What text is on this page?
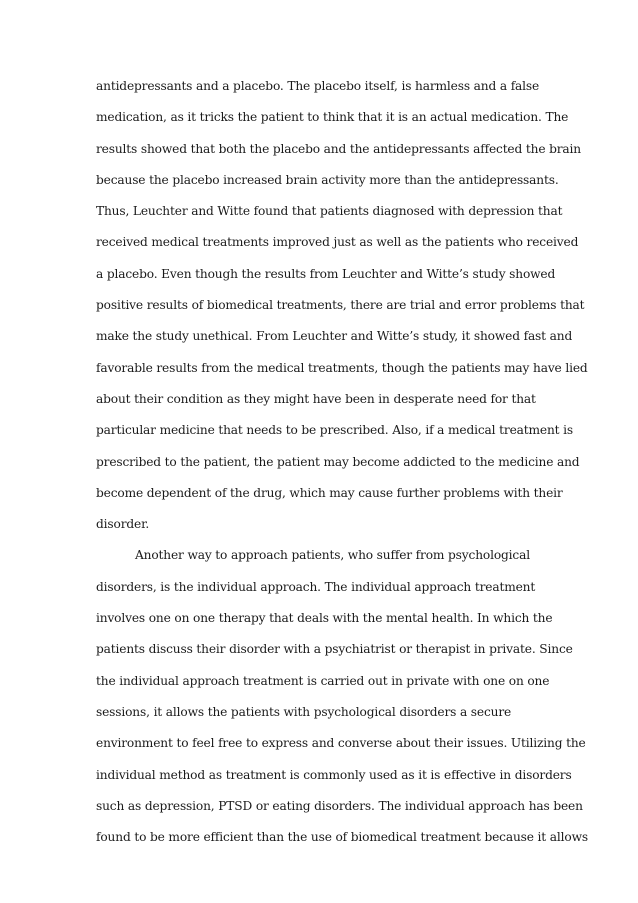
antidepressants and a placebo. The placebo itself, is harmless and a false
medication, as it tricks the patient to think that it is an actual medication. The
results showed that both the placebo and the antidepressants affected the brain
because the placebo increased brain activity more than the antidepressants.
Thus, Leuchter and Witte found that patients diagnosed with depression that
received medical treatments improved just as well as the patients who received
a placebo. Even though the results from Leuchter and Witte’s study showed
positive results of biomedical treatments, there are trial and error problems that
make the study unethical. From Leuchter and Witte’s study, it showed fast and
favorable results from the medical treatments, though the patients may have lied
about their condition as they might have been in desperate need for that
particular medicine that needs to be prescribed. Also, if a medical treatment is
prescribed to the patient, the patient may become addicted to the medicine and
become dependent of the drug, which may cause further problems with their
disorder.
Another way to approach patients, who suffer from psychological
disorders, is the individual approach. The individual approach treatment
involves one on one therapy that deals with the mental health. In which the
patients discuss their disorder with a psychiatrist or therapist in private. Since
the individual approach treatment is carried out in private with one on one
sessions, it allows the patients with psychological disorders a secure
environment to feel free to express and converse about their issues. Utilizing the
individual method as treatment is commonly used as it is effective in disorders
such as depression, PTSD or eating disorders. The individual approach has been
found to be more efficient than the use of biomedical treatment because it allows
